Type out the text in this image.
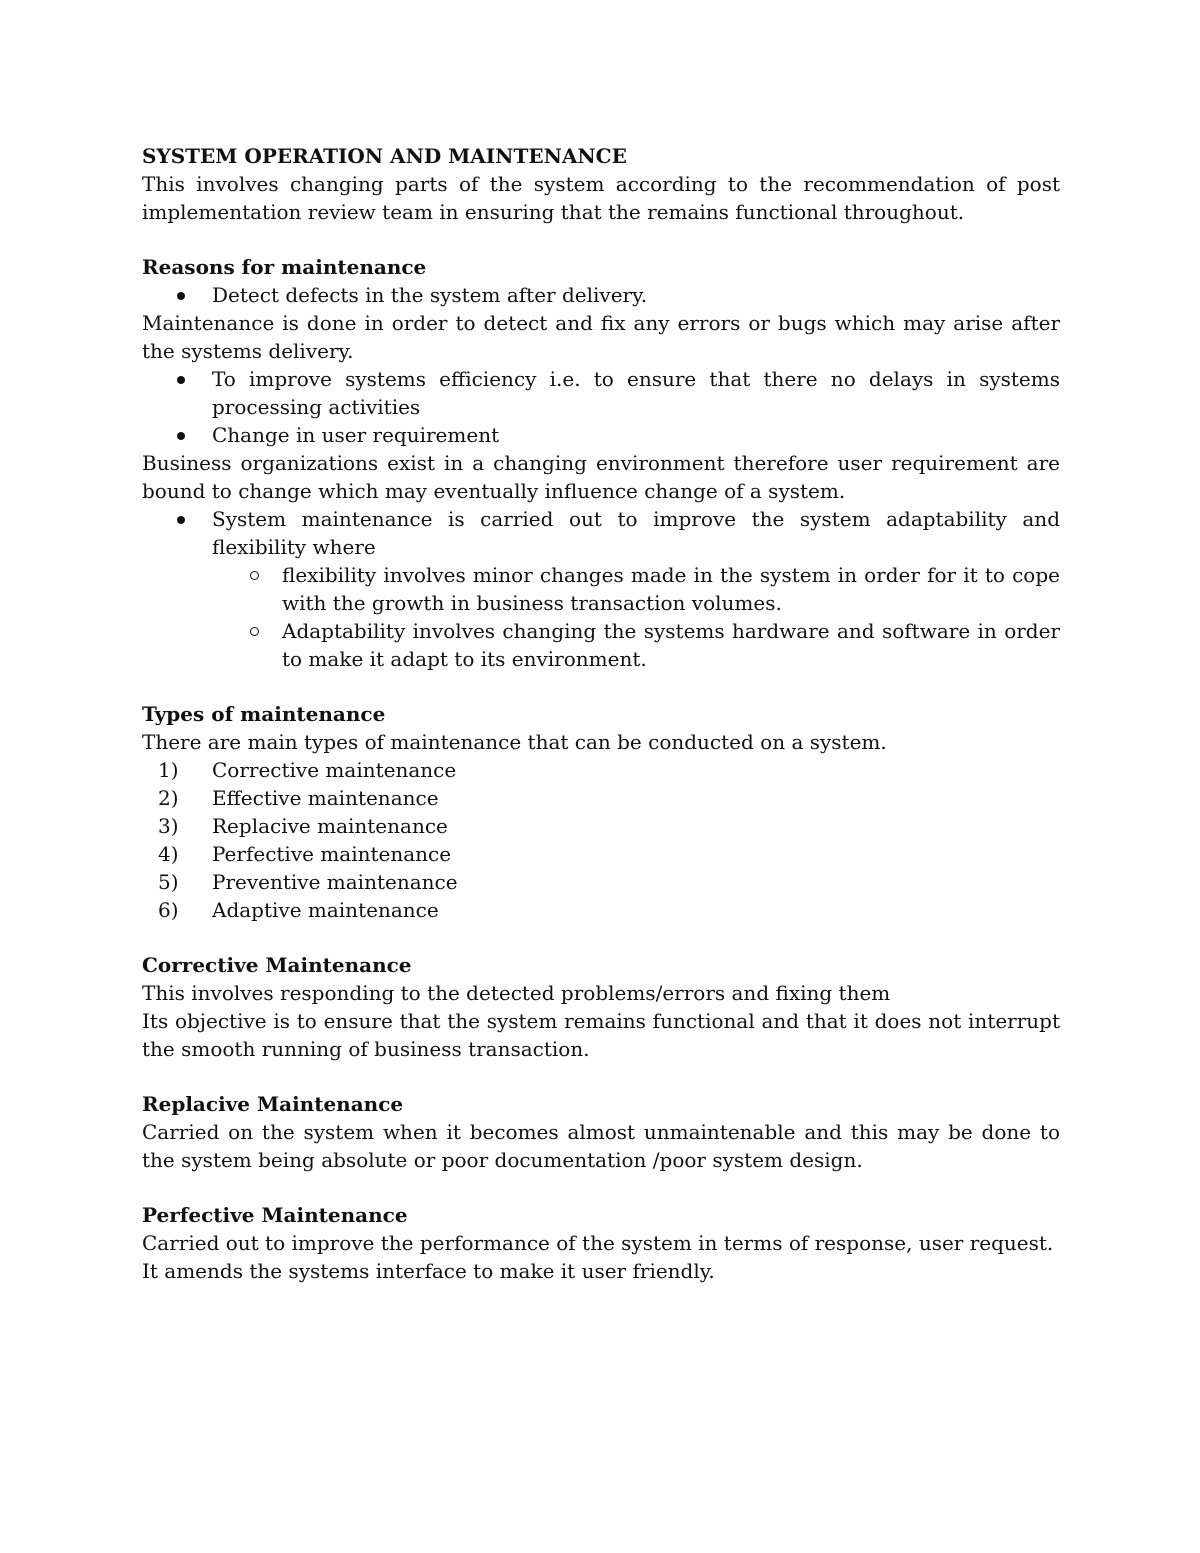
SYSTEM OPERATION AND MAINTENANCE

This involves changing parts of the system according to the recommendation of post implementation review team in ensuring that the remains functional throughout.

Reasons for maintenance

Detect defects in the system after delivery.

Maintenance is done in order to detect and fix any errors or bugs which may arise after the systems delivery.

To improve systems efficiency i.e. to ensure that there no delays in systems processing activities
Change in user requirement

Business organizations exist in a changing environment therefore user requirement are bound to change which may eventually influence change of a system.

System maintenance is carried out to improve the system adaptability and flexibility where
flexibility involves minor changes made in the system in order for it to cope with the growth in business transaction volumes.
Adaptability involves changing the systems hardware and software in order to make it adapt to its environment.

Types of maintenance

There are main types of maintenance that can be conducted on a system.

1) Corrective maintenance
2) Effective maintenance
3) Replacive maintenance
4) Perfective maintenance
5) Preventive maintenance
6) Adaptive maintenance

Corrective Maintenance

This involves responding to the detected problems/errors and fixing them

Its objective is to ensure that the system remains functional and that it does not interrupt the smooth running of business transaction.

Replacive Maintenance

Carried on the system when it becomes almost unmaintenable and this may be done to the system being absolute or poor documentation /poor system design.

Perfective Maintenance

Carried out to improve the performance of the system in terms of response, user request.

It amends the systems interface to make it user friendly.
